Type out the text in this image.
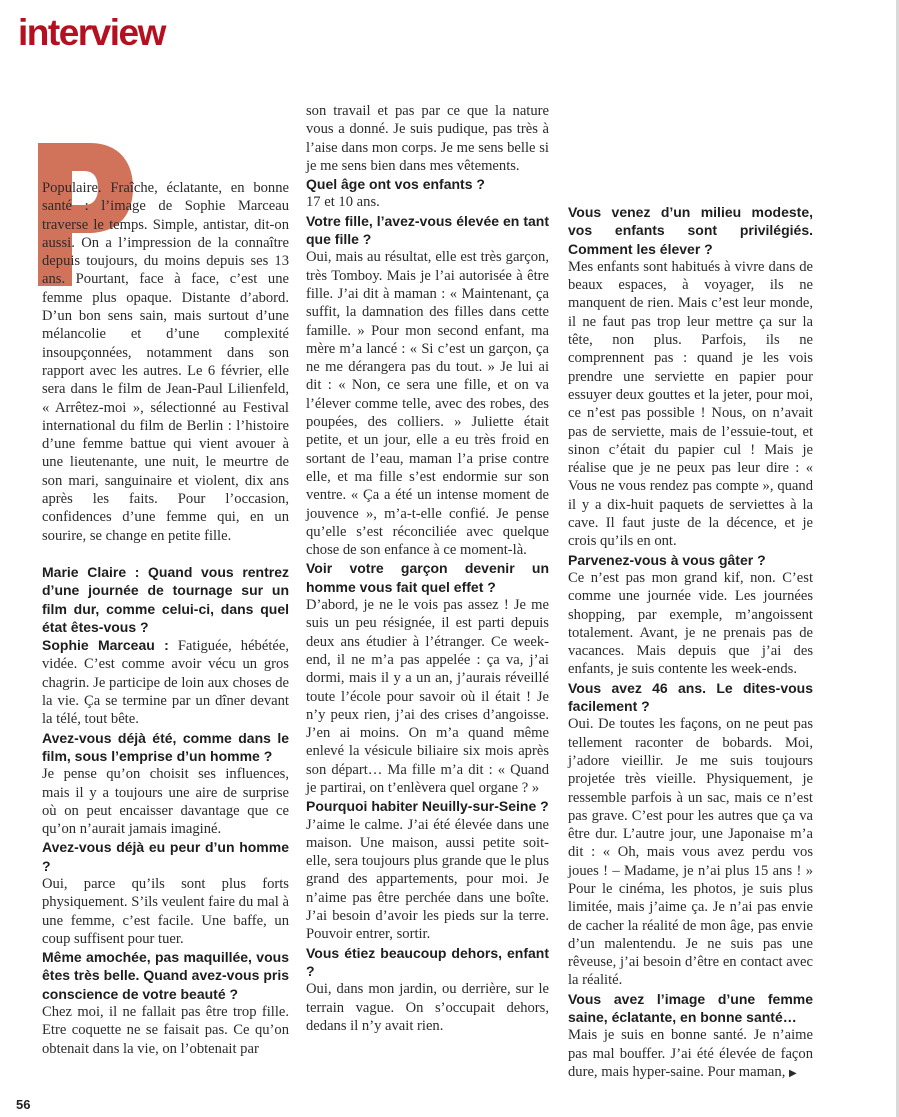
interview

Populaire. Fraîche, éclatante, en bonne santé : l’image de Sophie Marceau traverse le temps. Simple, antistar, dit-on aussi. On a l’impression de la connaître depuis toujours, du moins depuis ses 13 ans. Pourtant, face à face, c’est une femme plus opaque. Distante d’abord. D’un bon sens sain, mais surtout d’une mélancolie et d’une complexité insoupçonnées, notamment dans son rapport avec les autres. Le 6 février, elle sera dans le film de Jean-Paul Lilienfeld, « Arrêtez-moi », sélectionné au Festival international du film de Berlin : l’histoire d’une femme battue qui vient avouer à une lieutenante, une nuit, le meurtre de son mari, sanguinaire et violent, dix ans après les faits. Pour l’occasion, confidences d’une femme qui, en un sourire, se change en petite fille.

Marie Claire : Quand vous rentrez d’une journée de tournage sur un film dur, comme celui-ci, dans quel état êtes-vous ?

Sophie Marceau : Fatiguée, hébétée, vidée. C’est comme avoir vécu un gros chagrin. Je participe de loin aux choses de la vie. Ça se termine par un dîner devant la télé, tout bête.

Avez-vous déjà été, comme dans le film, sous l’emprise d’un homme ?

Je pense qu’on choisit ses influences, mais il y a toujours une aire de surprise où on peut encaisser davantage que ce qu’on n’aurait jamais imaginé.

Avez-vous déjà eu peur d’un homme ?

Oui, parce qu’ils sont plus forts physiquement. S’ils veulent faire du mal à une femme, c’est facile. Une baffe, un coup suffisent pour tuer.

Même amochée, pas maquillée, vous êtes très belle. Quand avez-vous pris conscience de votre beauté ?

Chez moi, il ne fallait pas être trop fille. Etre coquette ne se faisait pas. Ce qu’on obtenait dans la vie, on l’obtenait par

son travail et pas par ce que la nature vous a donné. Je suis pudique, pas très à l’aise dans mon corps. Je me sens belle si je me sens bien dans mes vêtements.

Quel âge ont vos enfants ?

17 et 10 ans.

Votre fille, l’avez-vous élevée en tant que fille ?

Oui, mais au résultat, elle est très garçon, très Tomboy. Mais je l’ai autorisée à être fille. J’ai dit à maman : « Maintenant, ça suffit, la damnation des filles dans cette famille. » Pour mon second enfant, ma mère m’a lancé : « Si c’est un garçon, ça ne me dérangera pas du tout. » Je lui ai dit : « Non, ce sera une fille, et on va l’élever comme telle, avec des robes, des poupées, des colliers. » Juliette était petite, et un jour, elle a eu très froid en sortant de l’eau, maman l’a prise contre elle, et ma fille s’est endormie sur son ventre. « Ça a été un intense moment de jouvence », m’a-t-elle confié. Je pense qu’elle s’est réconciliée avec quelque chose de son enfance à ce moment-là.

Voir votre garçon devenir un homme vous fait quel effet ?

D’abord, je ne le vois pas assez ! Je me suis un peu résignée, il est parti depuis deux ans étudier à l’étranger. Ce week-end, il ne m’a pas appelée : ça va, j’ai dormi, mais il y a un an, j’aurais réveillé toute l’école pour savoir où il était ! Je n’y peux rien, j’ai des crises d’angoisse. J’en ai moins. On m’a quand même enlevé la vésicule biliaire six mois après son départ… Ma fille m’a dit : « Quand je partirai, on t’enlèvera quel organe ? »

Pourquoi habiter Neuilly-sur-Seine ?

J’aime le calme. J’ai été élevée dans une maison. Une maison, aussi petite soit-elle, sera toujours plus grande que le plus grand des appartements, pour moi. Je n’aime pas être perchée dans une boîte. J’ai besoin d’avoir les pieds sur la terre. Pouvoir entrer, sortir.

Vous étiez beaucoup dehors, enfant ?

Oui, dans mon jardin, ou derrière, sur le terrain vague. On s’occupait dehors, dedans il n’y avait rien.

Vous venez d’un milieu modeste, vos enfants sont privilégiés. Comment les élever ?

Mes enfants sont habitués à vivre dans de beaux espaces, à voyager, ils ne manquent de rien. Mais c’est leur monde, il ne faut pas trop leur mettre ça sur la tête, non plus. Parfois, ils ne comprennent pas : quand je les vois prendre une serviette en papier pour essuyer deux gouttes et la jeter, pour moi, ce n’est pas possible ! Nous, on n’avait pas de serviette, mais de l’essuie-tout, et sinon c’était du papier cul ! Mais je réalise que je ne peux pas leur dire : « Vous ne vous rendez pas compte », quand il y a dix-huit paquets de serviettes à la cave. Il faut juste de la décence, et je crois qu’ils en ont.

Parvenez-vous à vous gâter ?

Ce n’est pas mon grand kif, non. C’est comme une journée vide. Les journées shopping, par exemple, m’angoissent totalement. Avant, je ne prenais pas de vacances. Mais depuis que j’ai des enfants, je suis contente les week-ends.

Vous avez 46 ans. Le dites-vous facilement ?

Oui. De toutes les façons, on ne peut pas tellement raconter de bobards. Moi, j’adore vieillir. Je me suis toujours projetée très vieille. Physiquement, je ressemble parfois à un sac, mais ce n’est pas grave. C’est pour les autres que ça va être dur. L’autre jour, une Japonaise m’a dit : « Oh, mais vous avez perdu vos joues ! – Madame, je n’ai plus 15 ans ! » Pour le cinéma, les photos, je suis plus limitée, mais j’aime ça. Je n’ai pas envie de cacher la réalité de mon âge, pas envie d’un malentendu. Je ne suis pas une rêveuse, j’ai besoin d’être en contact avec la réalité.

Vous avez l’image d’une femme saine, éclatante, en bonne santé…

Mais je suis en bonne santé. Je n’aime pas mal bouffer. J’ai été élevée de façon dure, mais hyper-saine. Pour maman, ▶

56
